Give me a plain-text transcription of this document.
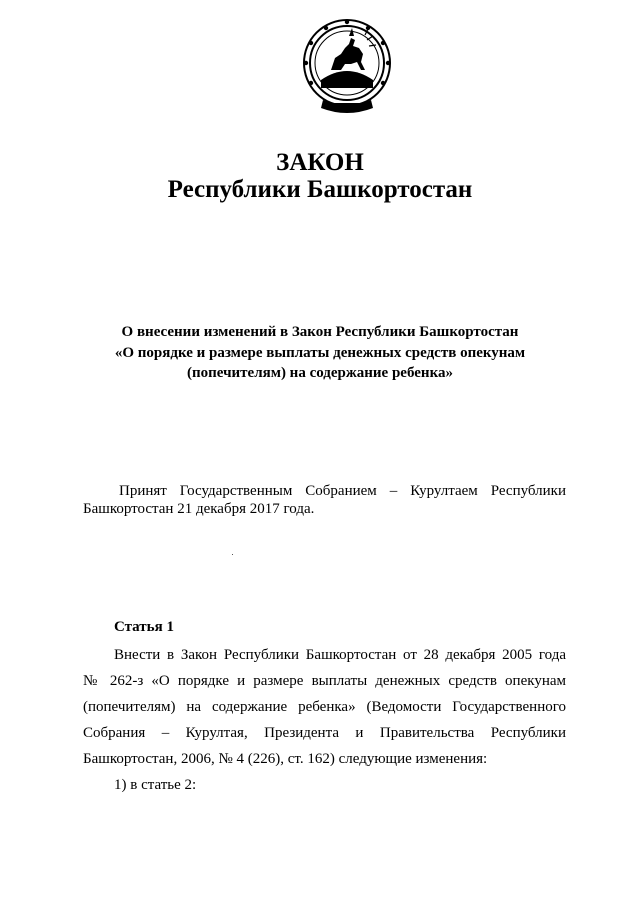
ЗАКОН
Республики Башкортостан
О внесении изменений в Закон Республики Башкортостан
«О порядке и размере выплаты денежных средств опекунам
(попечителям) на содержание ребенка»
Принят Государственным Собранием – Курултаем Республики
Башкортостан 21 декабря 2017 года.
Статья 1
Внести в Закон Республики Башкортостан от 28 декабря 2005 года
№ 262-з «О порядке и размере выплаты денежных средств опекунам
(попечителям) на содержание ребенка» (Ведомости Государственного
Собрания – Курултая, Президента и Правительства Республики
Башкортостан, 2006, № 4 (226), ст. 162) следующие изменения:
1) в статье 2:
